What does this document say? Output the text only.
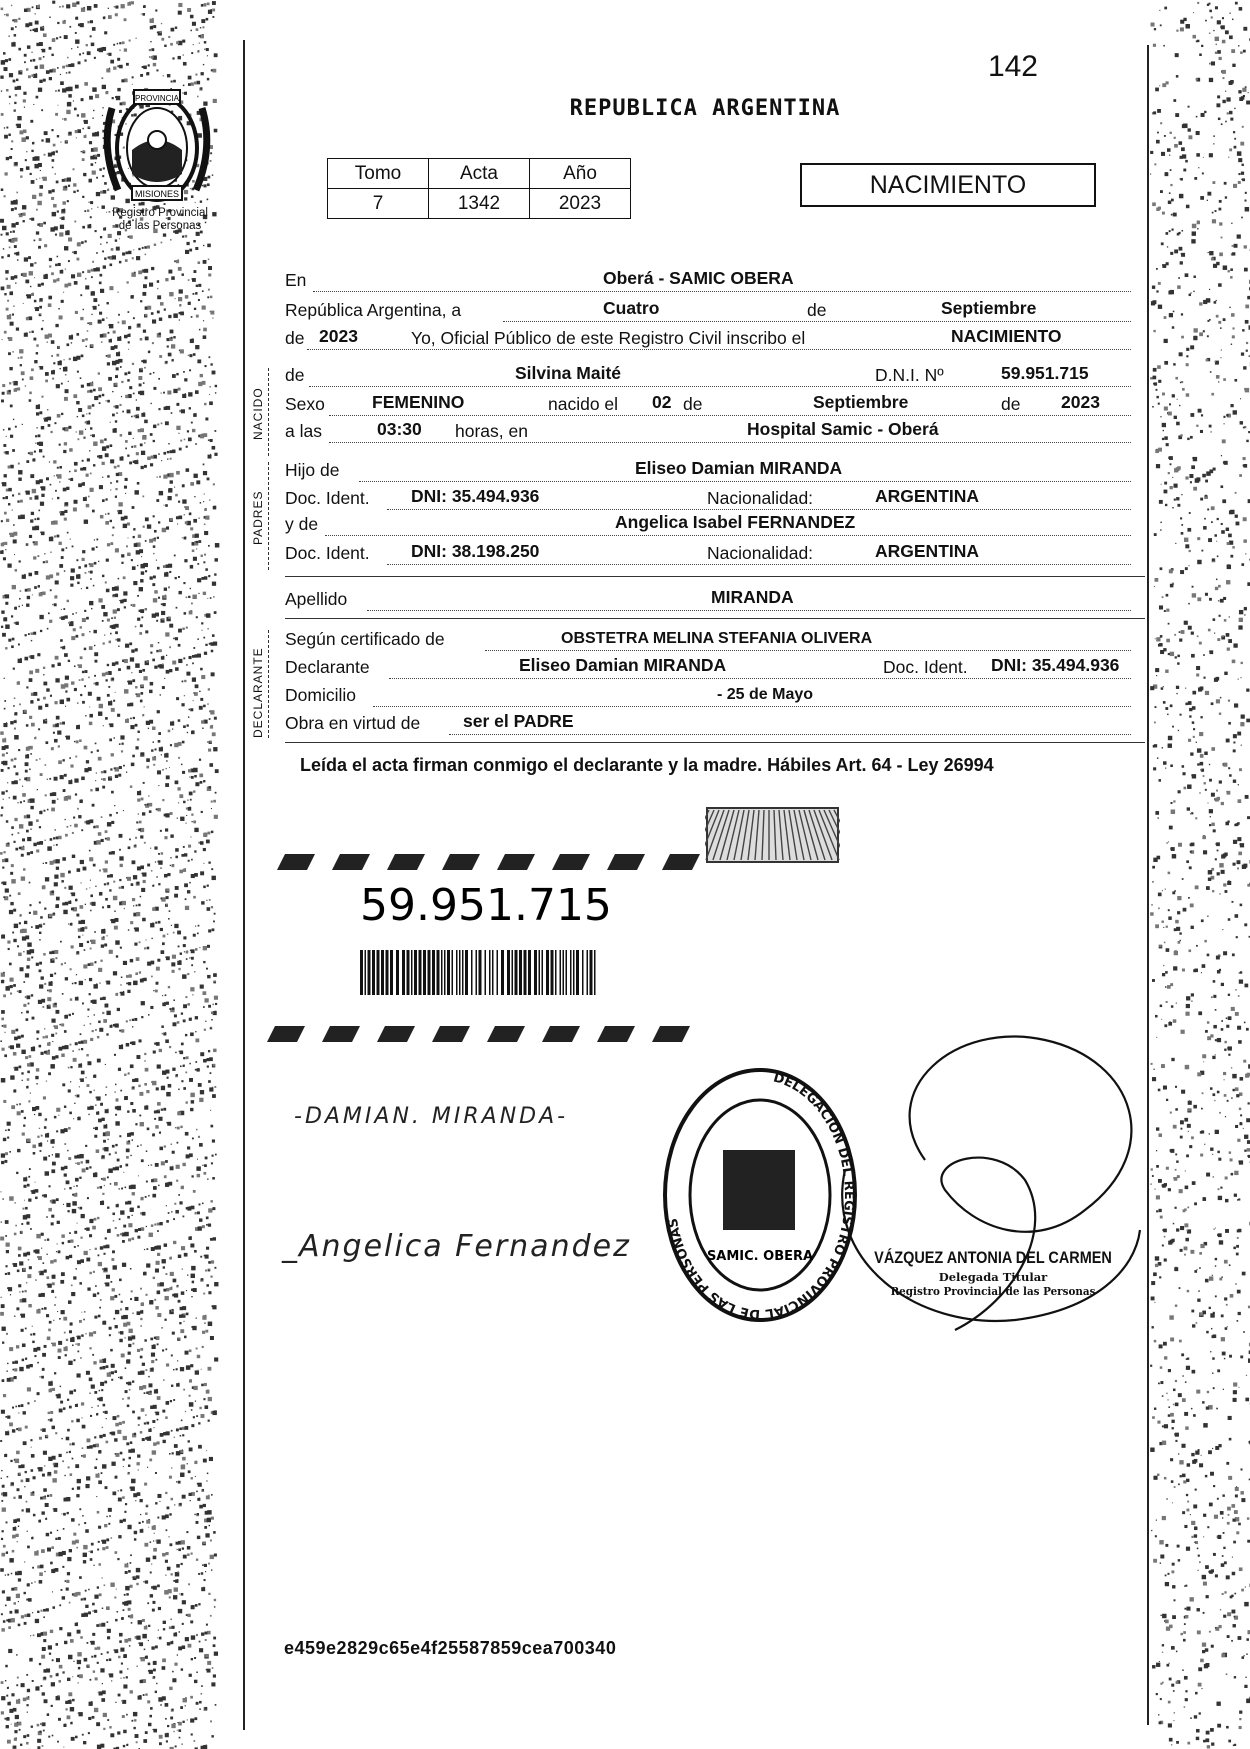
PROVINCIA
MISIONES
Registro Provincial
de las Personas
142
REPUBLICA ARGENTINA
Tomo	Acta	Año
7	1342	2023
NACIMIENTO
En	Oberá - SAMIC OBERA
República Argentina, a	Cuatro	de	Septiembre
de 2023	Yo, Oficial Público de este Registro Civil inscribo el	NACIMIENTO
NACIDO
de	Silvina Maité	D.N.I. Nº	59.951.715
Sexo	FEMENINO	nacido el 02 de	Septiembre	de 2023
a las	03:30 horas, en	Hospital Samic - Oberá
PADRES
Hijo de	Eliseo Damian MIRANDA
Doc. Ident. DNI: 35.494.936	Nacionalidad:	ARGENTINA
y de	Angelica Isabel FERNANDEZ
Doc. Ident. DNI: 38.198.250	Nacionalidad:	ARGENTINA
Apellido	MIRANDA
DECLARANTE
Según certificado de	OBSTETRA MELINA STEFANIA OLIVERA
Declarante	Eliseo Damian MIRANDA	Doc. Ident. DNI: 35.494.936
Domicilio	- 25 de Mayo
Obra en virtud de ser el PADRE
Leída el acta firman conmigo el declarante y la madre. Hábiles Art. 64 - Ley 26994
59.951.715
-DAMIAN. MIRANDA-
_Angelica Fernandez
DELEGACION DEL REGISTRO PROVINCIAL DE LAS PERSONAS
SAMIC. OBERA	VÁZQUEZ ANTONIA DEL CARMEN
Delegada Titular
Registro Provincial de las Personas
e459e2829c65e4f25587859cea700340
